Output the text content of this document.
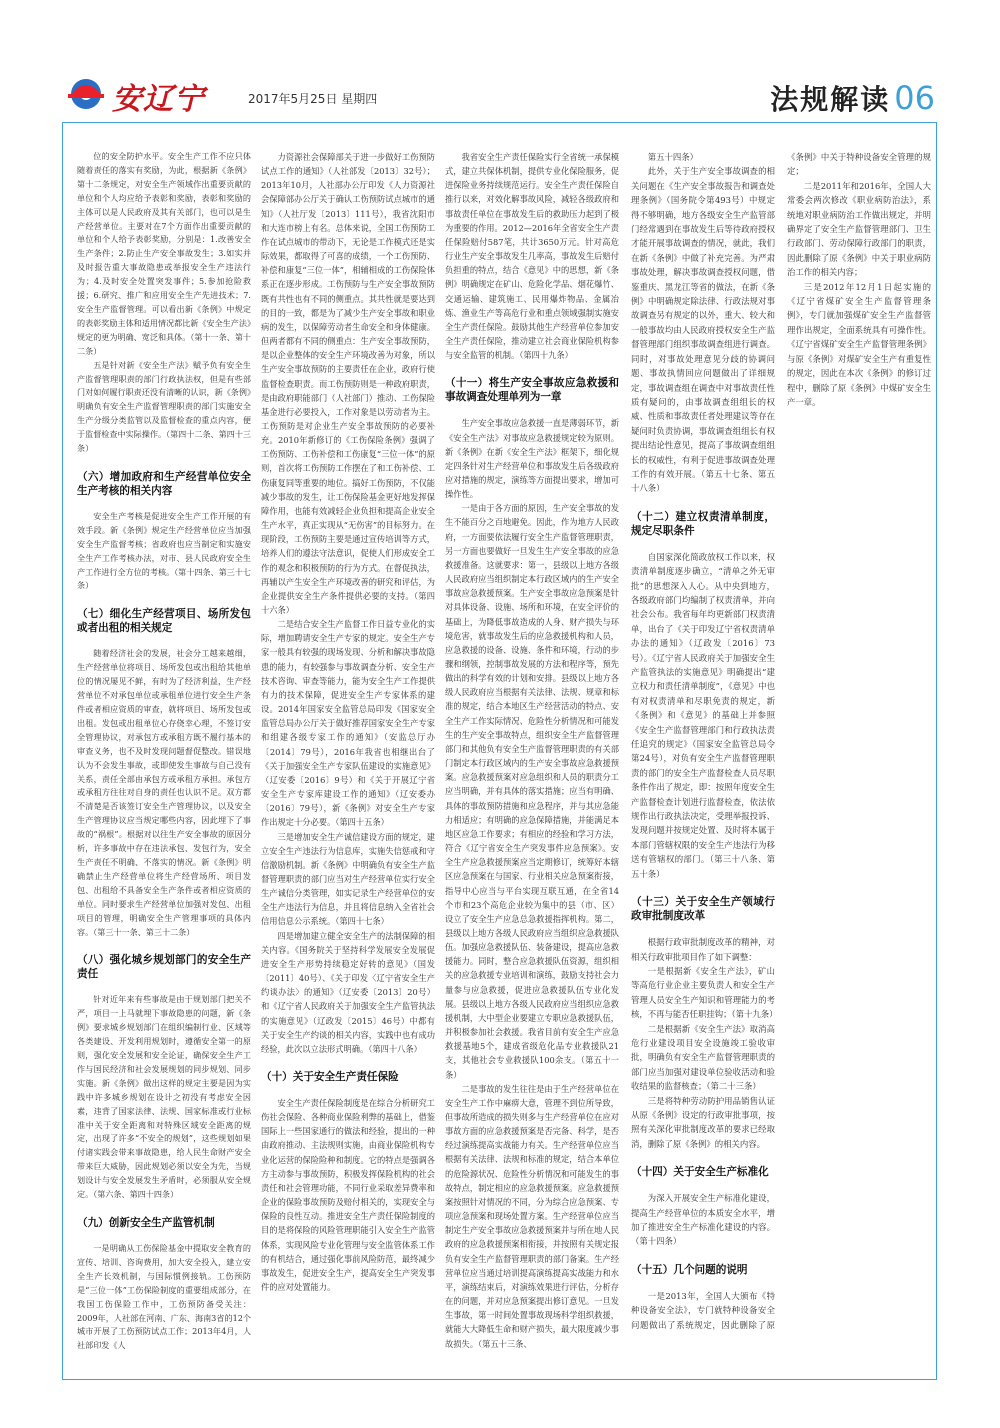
安辽宁	2017年5月25日 星期四	法规解读 06

位的安全防护水平。安全生产工作不应只体随着责任的落实有奖励，为此，根据新《条例》第十二条规定，对安全生产领域作出重要贡献的单位和个人均应给予表彰和奖励，表彰和奖励的主体可以是人民政府及其有关部门，也可以是生产经营单位。主要对在7个方面作出重要贡献的单位和个人给予表彰奖励，分别是：1.改善安全生产条件；2.防止生产安全事故发生；3.如实并及时报告重大事故隐患或举报安全生产违法行为；4.及时安全处置突发事件；5.参加抢险救援；6.研究、推广和应用安全生产先进技术；7.安全生产监督管理。可以看出新《条例》中规定的表彰奖励主体和适用情况都比新《安全生产法》规定的更为明确、宽泛和具体。（第十一条、第十二条）

五是针对新《安全生产法》赋予负有安全生产监督管理职责的部门行政执法权，但是有些部门对如何履行职责还没有清晰的认识，新《条例》明确负有安全生产监督管理职责的部门实施安全生产分级分类监管以及监督检查的重点内容，便于监督检查中实际操作。（第四十二条、第四十三条）

（六）增加政府和生产经营单位安全生产考核的相关内容

安全生产考核是促进安全生产工作开展的有效手段。新《条例》规定生产经营单位应当加强安全生产监督考核；省政府也应当制定和实施安全生产工作考核办法，对市、县人民政府安全生产工作进行全方位的考核。（第十四条、第三十七条）

（七）细化生产经营项目、场所发包或者出租的相关规定

随着经济社会的发展，社会分工越来越细，生产经营单位将项目、场所发包或出租给其他单位的情况屡见不鲜，有时为了经济利益，生产经营单位不对承包单位或承租单位进行安全生产条件或者相应资质的审查，就将项目、场所发包或出租。发包或出租单位心存侥幸心理，不签订安全管理协议，对承包方或承租方既不履行基本的审查义务，也不及时发现问题督促整改。错误地认为不会发生事故，或即使发生事故与自己没有关系，责任全部由承包方或承租方承担。承包方或承租方往往对自身的责任也认识不足。双方都不清楚是否该签订安全生产管理协议，以及安全生产管理协议应当规定哪些内容，因此埋下了事故的“祸根”。根据对以往生产安全事故的原因分析，许多事故中存在违法承包、发包行为，安全生产责任不明确、不落实的情况。新《条例》明确禁止生产经营单位将生产经营场所、项目发包、出租给不具备安全生产条件或者相应资质的单位。同时要求生产经营单位加强对发包、出租项目的管理，明确安全生产管理事项的具体内容。（第三十一条、第三十二条）

（八）强化城乡规划部门的安全生产责任

针对近年来有些事故是由于规划部门把关不严，项目一上马就埋下事故隐患的问题，新《条例》要求城乡规划部门在组织编制行业、区域等各类建设、开发利用规划时，遵循安全第一的原则，强化安全发展和安全论证，确保安全生产工作与国民经济和社会发展规划的同步规划、同步实施。新《条例》做出这样的规定主要是因为实践中许多城乡规划在设计之初没有考虑安全因素，违背了国家法律、法规、国家标准或行业标准中关于安全距离和对特殊区域安全距离的规定，出现了许多“不安全的规划”，这些规划如果付诸实践会带来事故隐患，给人民生命财产安全带来巨大威胁，因此规划必须以安全为先，当规划设计与安全发展发生矛盾时，必须服从安全规定。（第六条、第四十四条）

（九）创新安全生产监管机制

一是明确从工伤保险基金中提取安全教育的宣传、培训、咨询费用，加大安全投入，建立安全生产长效机制，与国际惯例接轨。工伤预防是“三位一体”工伤保险制度的重要组成部分，在我国工伤保险工作中，工伤预防备受关注：2009年，人社部在河南、广东、海南3省的12个城市开展了工伤预防试点工作；2013年4月，人社部印发《人

力资源社会保障部关于进一步做好工伤预防试点工作的通知》（人社部发〔2013〕32号）；2013年10月，人社部办公厅印发《人力资源社会保障部办公厅关于确认工伤预防试点城市的通知》（人社厅发〔2013〕111号），我省沈阳市和大连市榜上有名。总体来说，全国工伤预防工作在试点城市的带动下，无论是工作模式还是实际效果，都取得了可喜的成绩，一个工伤预防、补偿和康复“三位一体”，相辅相成的工伤保险体系正在逐步形成。工伤预防与生产安全事故预防既有共性也有不同的侧重点。其共性就是要达到的目的一致，都是为了减少生产安全事故和职业病的发生，以保障劳动者生命安全和身体健康。但两者都有不同的侧重点：生产安全事故预防，是以企业整体的安全生产环境改善为对象，所以生产安全事故预防的主要责任在企业，政府行使监督检查职责。而工伤预防则是一种政府职责，是由政府职能部门（人社部门）推动、工伤保险基金进行必要投入，工作对象是以劳动者为主。工伤预防是对企业生产安全事故预防的必要补充。2010年新修订的《工伤保险条例》强调了工伤预防、工伤补偿和工伤康复“三位一体”的原则，首次将工伤预防工作摆在了和工伤补偿、工伤康复同等重要的地位。搞好工伤预防，不仅能减少事故的发生，让工伤保险基金更好地发挥保障作用，也能有效减轻企业负担和提高企业安全生产水平，真正实现从“无伤害”的目标努力。在现阶段，工伤预防主要是通过宣传培训等方式，培养人们的遵法守法意识，促使人们形成安全工作的观念和积极预防的行为方式。在督促执法，再辅以产生安全生产环境改善的研究和评估，为企业提供安全生产条件提供必要的支持。（第四十六条）

二是结合安全生产监督工作日益专业化的实际，增加聘请安全生产专家的规定。安全生产专家一般具有较强的现场发现、分析和解决事故隐患的能力，有较强参与事故调查分析、安全生产技术咨询、审查等能力，能为安全生产工作提供有力的技术保障，促进安全生产专家体系的建设。2014年国家安全监管总局印发《国家安全监管总局办公厅关于做好推荐国家安全生产专家和组建各级专家工作的通知》（安监总厅办〔2014〕79号），2016年我省也相继出台了《关于加强安全生产专家队伍建设的实施意见》（辽安委〔2016〕9号）和《关于开展辽宁省安全生产专家库建设工作的通知》（辽安委办〔2016〕79号），新《条例》对安全生产专家作出规定十分必要。（第四十五条）

三是增加安全生产诚信建设方面的规定，建立安全生产违法行为信息库，实施失信惩戒和守信激励机制。新《条例》中明确负有安全生产监督管理职责的部门应当对生产经营单位实行安全生产诚信分类管理，如实记录生产经营单位的安全生产违法行为信息，并且将信息纳入全省社会信用信息公示系统。（第四十七条）

四是增加建立健全安全生产的法制保障的相关内容。《国务院关于坚持科学发展安全发展促进安全生产形势持续稳定好转的意见》（国发〔2011〕40号）、《关于印发〈辽宁省安全生产约谈办法〉的通知》（辽安委〔2013〕20号）和《辽宁省人民政府关于加强安全生产监管执法的实施意见》（辽政发〔2015〕46号）中都有关于安全生产约谈的相关内容，实践中也有成功经验，此次以立法形式明确。（第四十八条）

（十）关于安全生产责任保险

安全生产责任保险制度是在综合分析研究工伤社会保险、各种商业保险利弊的基础上，借鉴国际上一些国家通行的做法和经验，提出的一种由政府推动、主法规则实施，由商业保险机构专业化运营的保险险种和制度。它的特点是强调各方主动参与事故预防，积极发挥保险机构的社会责任和社会管理功能，不同行业采取差异费率和企业的保险事故预防及赔付相关的，实现安全与保险的良性互动。推进安全生产责任保险制度的目的是将保险的风险管理职能引入安全生产监管体系，实现风险专业化管理与安全监管体系工作的有机结合，通过强化事前风险防范，最终减少事故发生，促进安全生产，提高安全生产突发事件的应对处置能力。

我省安全生产责任保险实行全省统一承保模式，建立共保体机制，提供专业化保险服务，促进保险业务持续规范运行。安全生产责任保险自推行以来，对效化解事故风险，减轻各级政府和事故责任单位在事故发生后的救助压力起到了极为重要的作用。2012—2016年全省安全生产责任保险赔付587笔，共计3650万元。针对高危行业生产安全事故发生几率高，事故发生后赔付负担重的特点，结合《意见》中的思想，新《条例》明确规定在矿山、危险化学品、烟花爆竹、交通运输、建筑施工、民用爆炸物品、金属冶炼、渔业生产等高危行业和重点领域强制实施安全生产责任保险。鼓励其他生产经营单位参加安全生产责任保险，推动建立社会商业保险机构参与安全监管的机制。（第四十九条）

（十一）将生产安全事故应急救援和事故调查处理单列为一章

生产安全事故应急救援一直是薄弱环节，新《安全生产法》对事故应急救援规定较为原则。新《条例》在新《安全生产法》框架下，细化规定四条针对生产经营单位和事故发生后各级政府应对措施的规定，演练等方面提出要求，增加可操作性。

一是由于各方面的原因，生产安全事故的发生不能百分之百地避免。因此，作为地方人民政府，一方面要依法履行安全生产监督管理职责，另一方面也要做好一旦发生生产安全事故的应急救援准备。这就要求：第一，县级以上地方各级人民政府应当组织制定本行政区域内的生产安全事故应急救援预案。生产安全事故应急预案是针对具体设备、设施、场所和环境，在安全评价的基础上，为降低事故造成的人身、财产损失与环境危害，就事故发生后的应急救援机构和人员，应急救援的设备、设施、条件和环境，行动的步骤和纲领，控制事故发展的方法和程序等，预先做出的科学有效的计划和安排。县级以上地方各级人民政府应当根据有关法律、法规、规章和标准的规定，结合本地区生产经营活动的特点、安全生产工作实际情况、危险性分析情况和可能发生的生产安全事故特点，组织安全生产监督管理部门和其他负有安全生产监督管理职责的有关部门制定本行政区域内的生产安全事故应急救援预案。应急救援预案对应急组织和人员的职责分工应当明确，并有具体的落实措施；应当有明确、具体的事故预防措施和应急程序，并与其应急能力相适应；有明确的应急保障措施，并能满足本地区应急工作要求；有相应的经验和学习方法，符合《辽宁省安全生产突发事件应急预案》。安全生产应急救援预案应当定期修订，统筹好本辖区应急预案在与国家、行业相关应急预案衔接，指导中心应当与平台实现互联互通，在全省14个市和23个高危企业较为集中的县（市、区）设立了安全生产应急总急救援指挥机构。第二，县级以上地方各级人民政府应当组织应急救援队伍。加强应急救援队伍、装备建设，提高应急救援能力。同时，整合应急救援队伍资源，组织相关的应急救援专业培训和演练，鼓励支持社会力量参与应急救援，促进应急救援队伍专业化发展。县级以上地方各级人民政府应当组织应急救援机制，大中型企业要建立专职应急救援队伍，并积极参加社会救援。我省目前有安全生产应急救援基地5个，建成省级危化品专业救援队21支，其他社会专业救援队100余支。（第五十一条）

二是事故的发生往往是由于生产经营单位在安全生产工作中麻痹大意，管理不到位所导致，但事故所造成的损失则多与生产经营单位在应对事故方面的应急救援预案是否完备、科学，是否经过演练提高实战能力有关。生产经营单位应当根据有关法律、法规和标准的规定，结合本单位的危险源状况、危险性分析情况和可能发生的事故特点，制定相应的应急救援预案。应急救援预案按照针对情况的不同，分为综合应急预案、专项应急预案和现场处置方案。生产经营单位应当制定生产安全事故应急救援预案并与所在地人民政府的应急救援预案相衔接，并按照有关规定报负有安全生产监督管理职责的部门备案。生产经营单位应当通过培训提高演练提高实战能力和水平，演练结束后，对演练效果进行评估，分析存在的问题，并对应急预案提出修订意见。一旦发生事故，第一时间处置事故现场科学组织救援，就能大大降低生命和财产损失，最大限度减少事故损失。（第五十三条、

第五十四条）

此外，关于生产安全事故调查的相关问题在《生产安全事故报告和调查处理条例》（国务院令第493号）中规定得不够明确，地方各级安全生产监管部门经常遇到在事故发生后等待政府授权才能开展事故调查的情况，就此，我们在新《条例》中做了补充完善。为严肃事故处理，解决事故调查授权问题，借鉴重庆、黑龙江等省的做法，在新《条例》中明确规定除法律、行政法规对事故调查另有规定的以外，重大、较大和一般事故均由人民政府授权安全生产监督管理部门组织事故调查组进行调查。同时，对事故处理意见分歧的协调问题、事故执情回应问题做出了详细规定，事故调查组在调查中对事故责任性质有疑问的，由事故调查组组长的权威、性质和事故责任者处理建议等存在疑问时负责协调，事故调查组组长有权提出结论性意见，提高了事故调查组组长的权威性，有利于促进事故调查处理工作的有效开展。（第五十七条、第五十八条）

（十二）建立权责清单制度，规定尽职条件

自国家深化简政放权工作以来，权责清单制度逐步确立，“清单之外无审批”的思想深入人心。从中央到地方，各级政府部门均编制了权责清单，并向社会公布。我省每年均更新部门权责清单，出台了《关于印发辽宁省权责清单办法的通知》（辽政发〔2016〕73号）。《辽宁省人民政府关于加强安全生产监管执法的实施意见》明确提出“建立权力和责任清单制度”，《意见》中也有对权责清单和尽职免责的规定，新《条例》和《意见》的基础上并参照《安全生产监督管理部门和行政执法责任追究的规定》（国家安全监管总局令第24号），对负有安全生产监督管理职责的部门的安全生产监督检查人员尽职条件作出了规定，即：按照年度安全生产监督检查计划进行监督检查，依法依规作出行政执法决定，受理举报投诉、发现问题并按规定处置、及时将本属于本部门管辖权限的安全生产违法行为移送有管辖权的部门。（第三十八条、第五十条）

（十三）关于安全生产领域行政审批制度改革

根据行政审批制度改革的精神，对相关行政审批项目作了如下调整：

一是根据新《安全生产法》，矿山等高危行业企业主要负责人和安全生产管理人员安全生产知识和管理能力的考核，不再与能否任职挂钩；（第十九条）

二是根据新《安全生产法》取消高危行业建设项目安全设施竣工验收审批，明确负有安全生产监督管理职责的部门应当加强对建设单位验收活动和验收结果的监督核查；（第二十三条）

三是将特种劳动防护用品销售认证从原《条例》设定的行政审批事项，按照有关深化审批制度改革的要求已经取消，删除了原《条例》的相关内容。

（十四）关于安全生产标准化

为深入开展安全生产标准化建设，提高生产经营单位的本质安全水平，增加了推进安全生产标准化建设的内容。（第十四条）

（十五）几个问题的说明

一是2013年，全国人大颁布《特种设备安全法》，专门就特种设备安全问题做出了系统规定，因此删除了原《条例》中关于特种设备安全管理的规定；

二是2011年和2016年，全国人大常委会两次修改《职业病防治法》，系统地对职业病防治工作做出规定，并明确界定了安全生产监督管理部门、卫生行政部门、劳动保障行政部门的职责，因此删除了原《条例》中关于职业病防治工作的相关内容；

三是2012年12月1日起实施的《辽宁省煤矿安全生产监督管理条例》，专门就加强煤矿安全生产监督管理作出规定，全面系统具有可操作性。《辽宁省煤矿安全生产监督管理条例》与原《条例》对煤矿安全生产有重复性的规定，因此在本次《条例》的修订过程中，删除了原《条例》中煤矿安全生产一章。
